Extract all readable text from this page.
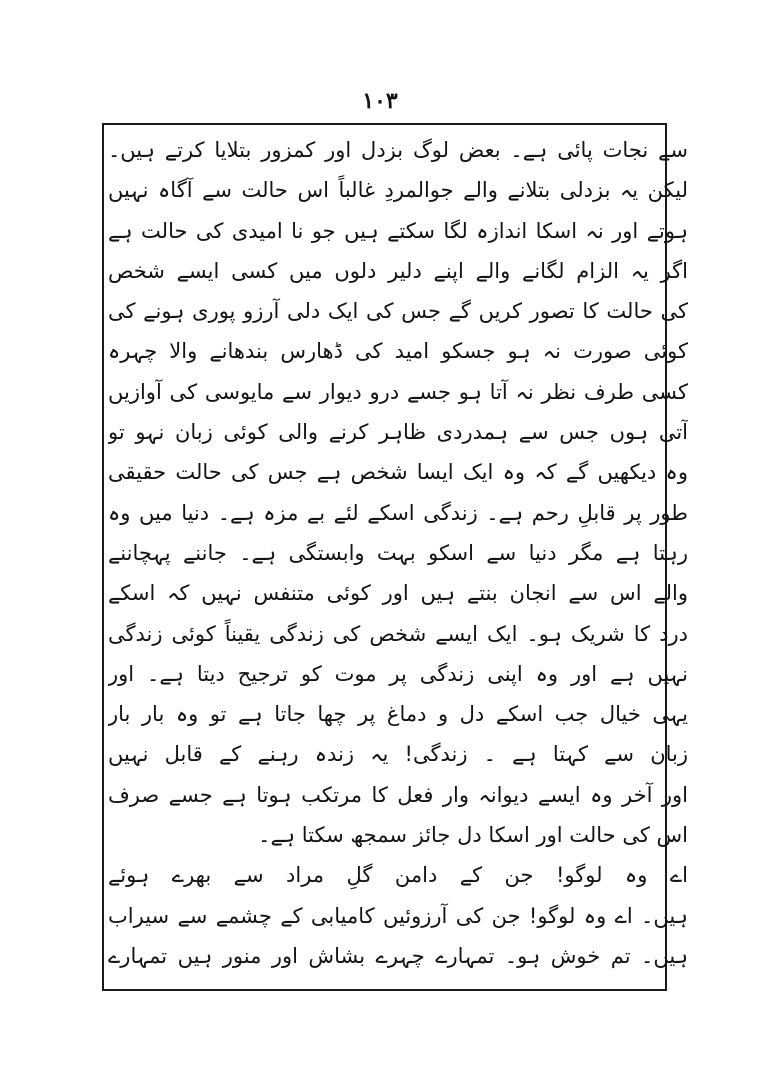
١٠٣
سے نجات پائی ہے۔ بعض لوگ بزدل اور کمزور بتلایا کرتے ہیں۔
لیکن یہ بزدلی بتلانے والے جوالمردِ غالباً اس حالت سے آگاہ نہیں
ہوتے اور نہ اسکا اندازہ لگا سکتے ہیں جو نا امیدی کی حالت ہے
اگر یہ الزام لگانے والے اپنے دلیر دلوں میں کسی ایسے شخص
کی حالت کا تصور کریں گے جس کی ایک دلی آرزو پوری ہونے کی
کوئی صورت نہ ہو جسکو امید کی ڈھارس بندھانے والا چہرہ
کسی طرف نظر نہ آتا ہو جسے درو دیوار سے مایوسی کی آوازیں
آتی ہوں جس سے ہمدردی ظاہر کرنے والی کوئی زبان نہو تو
وہ دیکھیں گے کہ وہ ایک ایسا شخص ہے جس کی حالت حقیقی
طور پر قابلِ رحم ہے۔ زندگی اسکے لئے بے مزہ ہے۔ دنیا میں وہ
رہتا ہے مگر دنیا سے اسکو بہت وابستگی ہے۔ جاننے پہچاننے
والے اس سے انجان بنتے ہیں اور کوئی متنفس نہیں کہ اسکے
درد کا شریک ہو۔ ایک ایسے شخص کی زندگی یقیناً کوئی زندگی
نہیں ہے اور وہ اپنی زندگی پر موت کو ترجیح دیتا ہے۔ اور
یہی خیال جب اسکے دل و دماغ پر چھا جاتا ہے تو وہ بار بار
زبان سے کہتا ہے ۔ زندگی! یہ زندہ رہنے کے قابل نہیں
اور آخر وہ ایسے دیوانہ وار فعل کا مرتکب ہوتا ہے جسے صرف
اس کی حالت اور اسکا دل جائز سمجھ سکتا ہے۔
اے وہ لوگو! جن کے دامن گلِ مراد سے بھرے ہوئے
ہیں۔ اے وہ لوگو! جن کی آرزوئیں کامیابی کے چشمے سے سیراب
ہیں۔ تم خوش ہو۔ تمہارے چہرے بشاش اور منور ہیں تمہارے
